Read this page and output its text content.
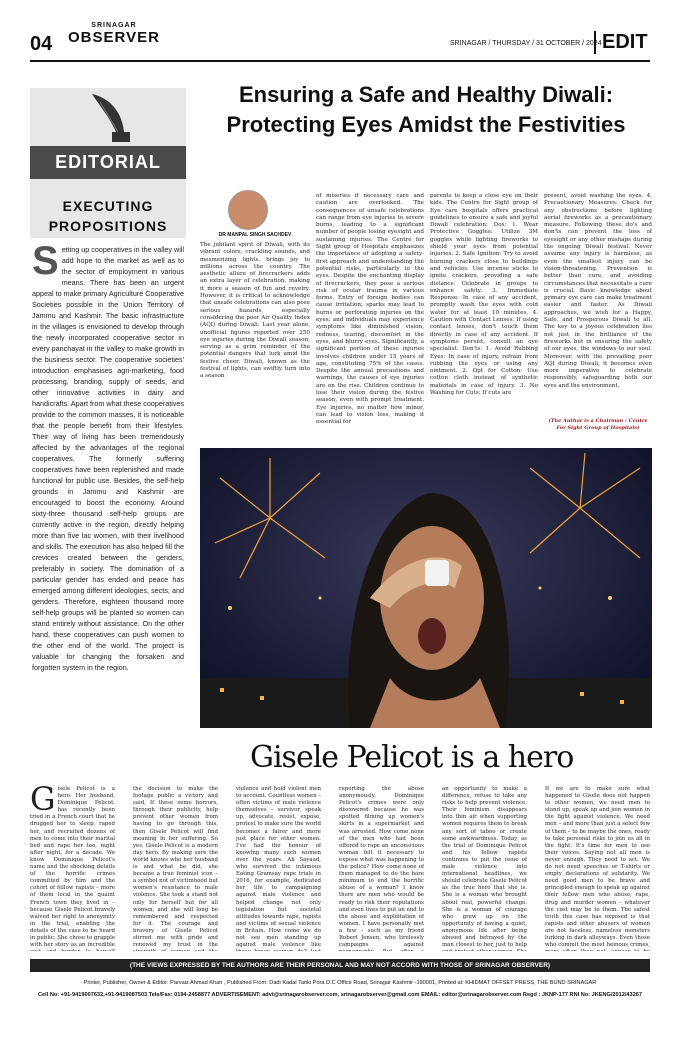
04
SRINAGAR
OBSERVER	SRINAGAR / THURSDAY / 31 OCTOBER / 2024 EDIT
EDITORIAL
EXECUTING PROPOSITIONS
Setting up cooperatives in the valley will add hope to the market as well as to the sector of employment in various means. There has been an urgent appeal to make primary Agriculture Cooperative Societies possible in the Union Territory of Jammu and Kashmir. The basic infrastructure in the villages is envisioned to develop through the newly incorporated cooperative sector in every panchayat in the valley to make growth in the business sector. The cooperative societies' introduction emphasises agri-marketing, food processing, branding, supply of seeds, and other innovative activities in dairy and handicrafts. Apart from what these cooperatives provide to the common masses, it is noticeable that the people benefit from their lifestyles. Their way of living has been tremendously affected by the advantages of the regional cooperatives. The formerly suffering cooperatives have been replenished and made functional for public use. Besides, the self-help grounds in Jammu and Kashmir are encouraged to boost the economy. Around sixty-three thousand self-help groups are currently active in the region, directly helping more than five lac women, with their livelihood and skills. The execution has also helped fill the crevices created between the genders, preferably in society. The domination of a particular gender has ended and peace has emerged among different ideologies, sects, and genders. Therefore, eighteen thousand more self-help groups will be planted so women can stand entirely without assistance. On the other hand, these cooperatives can push women to the other end of the world. The project is valuable for changing the forsaken and forgotten system in the region.
Ensuring a Safe and Healthy Diwali: Protecting Eyes Amidst the Festivities
DR MANPAL SINGH SACHDEV
The jubilant spirit of Diwali, with its vibrant colors, crackling sounds, and mesmerizing lights, brings joy to millions across the country. The aesthetic allure of firecrackers adds an extra layer of celebration, making it more a season of fun and revelry. However, it is critical to acknowledge that unsafe celebrations can also pose serious hazards, especially considering the poor Air Quality Index (AQI) during Diwali. Last year alone, unofficial figures reported over 250 eye injuries during the Diwali season, serving as a grim reminder of the potential dangers that lurk amid the festive cheer. Diwali, known as the festival of lights, can swiftly turn into a season
of miseries if necessary care and caution are overlooked. The consequences of unsafe celebrations can range from eye injuries to severe burns, leading to a significant number of people losing eyesight and sustaining injuries. The Centre for Sight group of Hospitals emphasizes the importance of adopting a safety-first approach and understanding the potential risks, particularly to the eyes. Despite the enchanting display of firecrackers, they pose a serious risk of ocular trauma in various forms. Entry of foreign bodies can cause irritation; sparks may lead to burns or perforating injuries on the eyes; and individuals may experience symptoms like diminished vision, redness, tearing, discomfort in the eyes, and blurry eyes. Significantly, a significant portion of these injuries involves children under 15 years of age, constituting 75% of the cases. Despite the annual precautions and warnings, the causes of eye injuries are on the rise. Children continue to lose their vision during the festive season, even with prompt treatment. Eye injuries, no matter how minor, can lead to vision loss, making it essential for
parents to keep a close eye on their kids. The Centre for Sight group of Eye care hospitals offers practical guidelines to ensure a safe and joyful Diwali celebration: Dos: 1. Wear Protective Goggles: Utilize 3M goggles while lighting fireworks to shield your eyes from potential injuries. 2. Safe Ignition: Try to avoid burning crackers close to buildings and vehicles. Use incense sticks to ignite crackers, providing a safe distance. Celebrate in groups to enhance safety. 3. Immediate Response: In case of any accident, promptly wash the eyes with cold water for at least 10 minutes. 4. Caution with Contact Lenses: If using contact lenses, don't touch them directly in case of any accident. If symptoms persist, consult an eye specialist. Don'ts: 1. Avoid Rubbing Eyes: In case of injury, refrain from rubbing the eyes or using any ointment. 2. Opt for Cotton: Use cotton cloth instead of synthetic materials in case of injury. 3. No Washing for Cuts: If cuts are
present, avoid washing the eyes. 4. Precautionary Measures: Check for any obstructions before lighting aerial fireworks as a precautionary measure. Following these do's and don'ts can prevent the loss of eyesight or any other mishaps during the ongoing Diwali festival. Never assume any injury is harmless, as even the smallest injury can be vision-threatening. Prevention is better than cure, and avoiding circumstances that necessitate a cure is crucial. Basic knowledge about primary eye care can make treatment easier and faster. As Diwali approaches, we wish for a Happy, Safe, and Prosperous Diwali to all. The key to a joyous celebration lies not just in the brilliance of the fireworks but in ensuring the safety of our eyes, the windows to our soul. Moreover, with the prevailing poor AQI during Diwali, it becomes even more imperative to celebrate responsibly, safeguarding both our eyes and the environment.
(The Author is a Chairman - Centre For Sight Group of Hospitals)
Gisele Pelicot is a hero
Gisele Pelicot is a hero. Her husband, Dominique Pelicot, has recently been tried in a French court that he drugged her to sleep, raped her, and recruited dozens of men to come into their marital bed and rape her too, night after night, for a decade. We know Dominique Pelicot's name and the shocking details of the horrific crimes committed by him and the cohort of fellow rapists – more of them local in the quaint French town they lived in – because Gisele Pelicot bravely waived her right to anonymity in the trial, enabling the details of the case to be heard in public. She chose to grapple with her story as an incredible
the decision to make the footage public a victory and said, If these some horrors, through their publicity, help prevent other women from having to go through this, then Gisele Pelicot will find meaning in her suffering. So yes, Gisele Pelicot is a modern day hero. By making sure the world knows who her husband is and what he did, she became a true feminist icon – a symbol not of victimhood but women's resistance to male violence. She took a stand not only for herself but for all women, and she will long be remembered and respected for it. The courage and bravery of Gisele Pelicot stirred me with pride and renewed my trust in the
violence and hold violent men to account. Countless women – often victims of male violence themselves – survivor, speak up, advocate, resist, expose, protest to make sure the world becomes a fairer and more just place for other women. I've had the honour of knowing many such women over the years. Ali Sayaad, who survived the infamous Eating Gramsay rape trials in 2016, for example, dedicated her life to campaigning against male violence and helped change not only legislation but societal attitudes towards rape, rapists and victims of sexual violence in Britain. How come we do not see men standing up against male violence like
reporting the abuse anonymously. Dominique Pelicot's crimes were only discovered because he was spotted filming up women's skirts in a supermarket and was arrested. How come none of the men who had been offered to rape an unconscious woman felt it necessary to expose what was happening to the police? How come none of them managed to do the bare minimum to end the horrific abuse of a woman? I know there are men who would be ready to risk their reputations and even lives to put an end to the abuse and exploitation of women. I have personally met a few – such as my friend Robert Jensen, who tirelessly campaigns against
an opportunity to make a difference, refuse to take any risks to help prevent violence. Their feminism disappears into thin air when supporting women requires them to break any sort of taboo or create some awkwardness. Today, as the trial of Dominique Pelicot and his fellow rapists continues to put the issue of male violence into international headlines, we should celebrate Gisele Pelicot as the true hero that she is. She is a woman who brought about real, powerful change. She is a woman of courage who grew up on the opportunity of having a quiet, anonymous life after being abused and betrayed by the man closest to her, just to help
If we are to make sure what happened to Gisele does not happen to other women, we need men to stand up, speak up and join women in the fight against violence. We need men – and more than just a select few of them – to be maybe the ones, ready to take personal risks to join us all in the fight. It's time for men to use their voices. Saying not all men is never enough. They need to act. We do not need speeches or T-shirts or empty declarations of solidarity. We need good men to be brave and principled enough to speak up against their fellow men who abuse, rape, drug and murder women – whatever the cost may be to them. The safest truth this case has exposed is that rapists and other abusers of women are not faceless, nameless monsters lurking in dark alleyways. Even those who commit the most heinous crimes,
(THE VIEWS EXPRESSED BY THE AUTHORS ARE THEIR PERSONAL AND MAY NOT ACCORD WITH THOSE OF SRINAGAR OBSERVER)
Printer, Publisher, Owner & Editor: Parvaiz Ahmad Khan , Published From: Dadi Kadal Tanki Pora D.C Office Road, Srinagar Kashmir -190001, Printed at: KHIDMAT OFFSET PRESS, THE BUND SRINAGAR
Cell No: +91-9419007632,+91-9419087503 Tele/Fax: 0194-2458877 ADVERTISEMENT: advt@srinagarobserver.com, srinagarobserver@gmail.com EMAIL: editor@srinagarobserver.com Regd : JKNP-177 RNI No: JKENG/2012/43267
